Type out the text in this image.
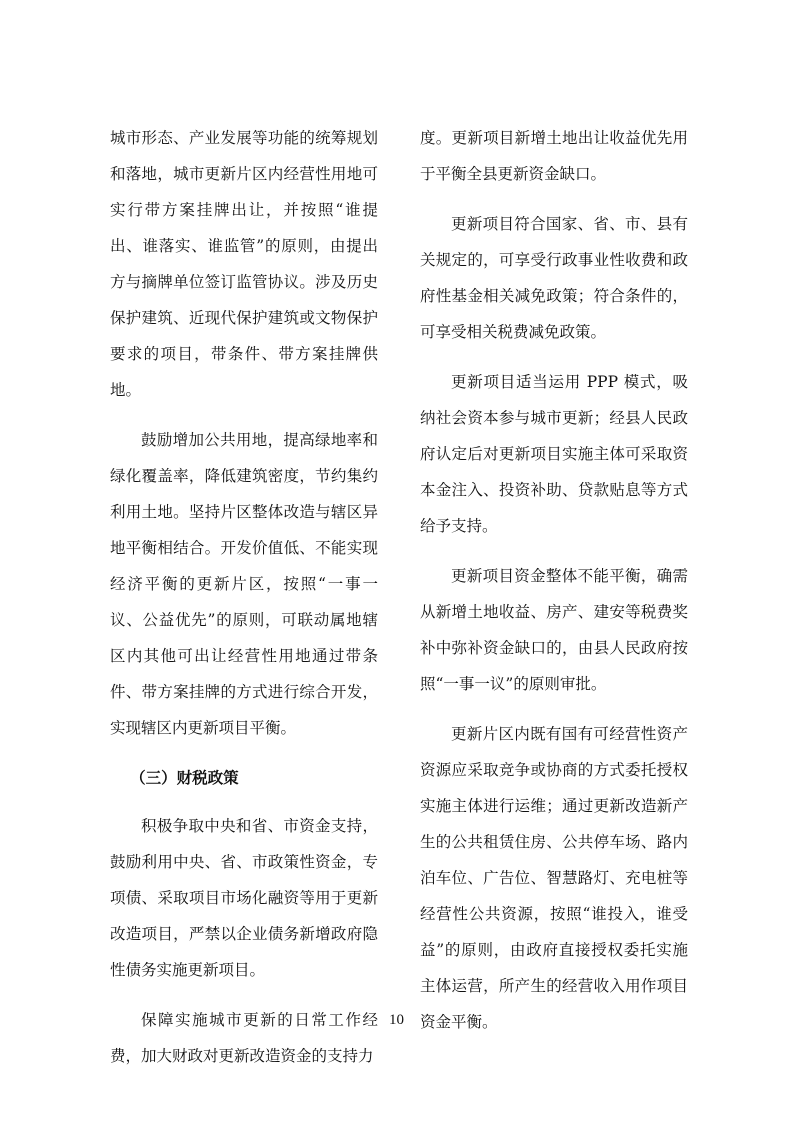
城市形态、产业发展等功能的统筹规划和落地，城市更新片区内经营性用地可实行带方案挂牌出让，并按照“谁提出、谁落实、谁监管”的原则，由提出方与摘牌单位签订监管协议。涉及历史保护建筑、近现代保护建筑或文物保护要求的项目，带条件、带方案挂牌供地。

鼓励增加公共用地，提高绿地率和绿化覆盖率，降低建筑密度，节约集约利用土地。坚持片区整体改造与辖区异地平衡相结合。开发价值低、不能实现经济平衡的更新片区，按照“一事一议、公益优先”的原则，可联动属地辖区内其他可出让经营性用地通过带条件、带方案挂牌的方式进行综合开发，实现辖区内更新项目平衡。

（三）财税政策

积极争取中央和省、市资金支持，鼓励利用中央、省、市政策性资金，专项债、采取项目市场化融资等用于更新改造项目，严禁以企业债务新增政府隐性债务实施更新项目。

保障实施城市更新的日常工作经费，加大财政对更新改造资金的支持力

度。更新项目新增土地出让收益优先用于平衡全县更新资金缺口。

更新项目符合国家、省、市、县有关规定的，可享受行政事业性收费和政府性基金相关减免政策；符合条件的，可享受相关税费减免政策。

更新项目适当运用 PPP 模式，吸纳社会资本参与城市更新；经县人民政府认定后对更新项目实施主体可采取资本金注入、投资补助、贷款贴息等方式给予支持。

更新项目资金整体不能平衡，确需从新增土地收益、房产、建安等税费奖补中弥补资金缺口的，由县人民政府按照“一事一议”的原则审批。

更新片区内既有国有可经营性资产资源应采取竞争或协商的方式委托授权实施主体进行运维；通过更新改造新产生的公共租赁住房、公共停车场、路内泊车位、广告位、智慧路灯、充电桩等经营性公共资源，按照“谁投入，谁受益”的原则，由政府直接授权委托实施主体运营，所产生的经营收入用作项目资金平衡。

10
